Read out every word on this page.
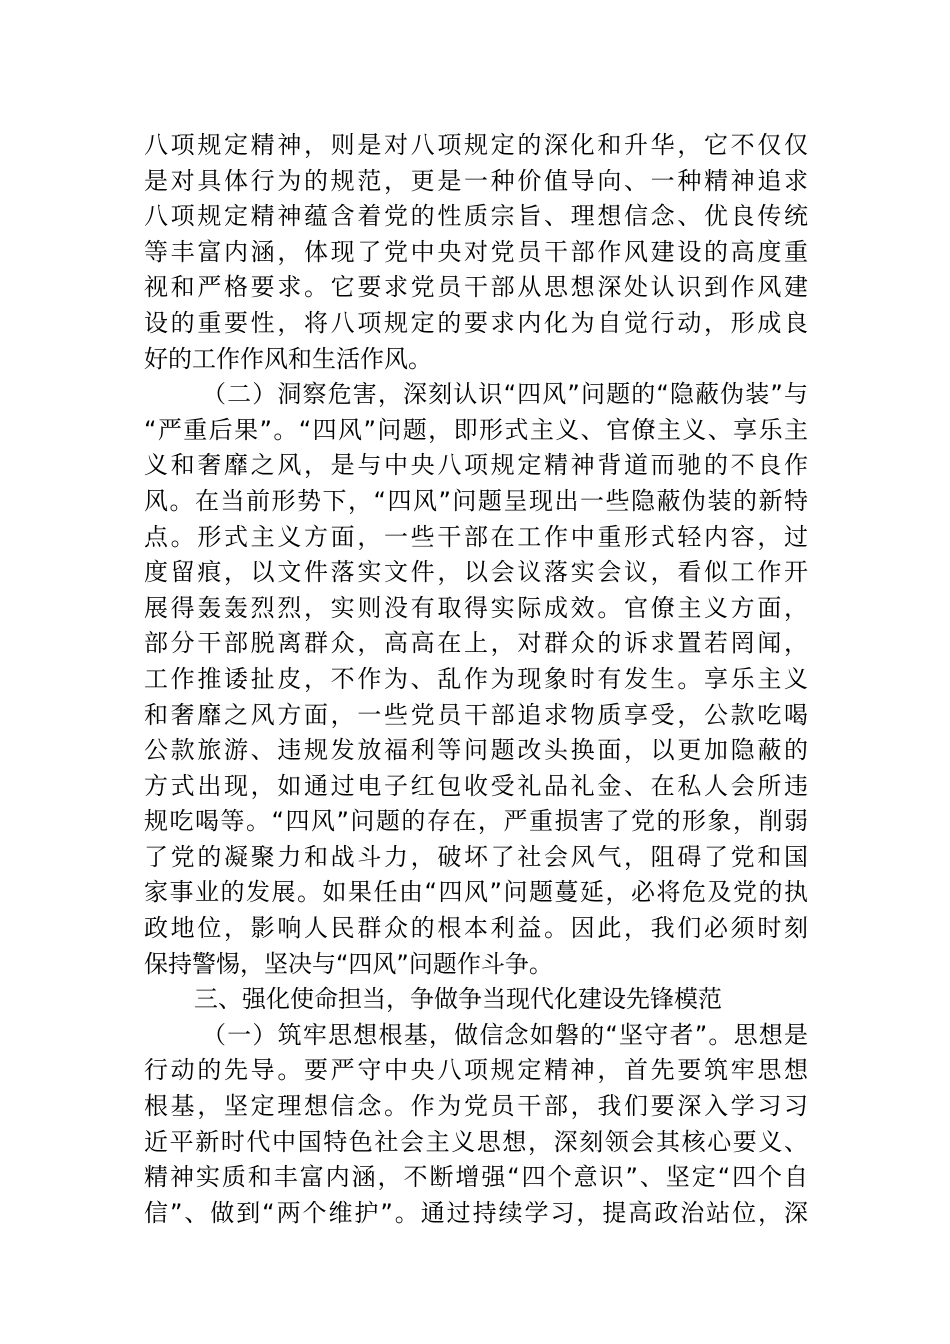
八项规定精神，则是对八项规定的深化和升华，它不仅仅
是对具体行为的规范，更是一种价值导向、一种精神追求
八项规定精神蕴含着党的性质宗旨、理想信念、优良传统
等丰富内涵，体现了党中央对党员干部作风建设的高度重
视和严格要求。它要求党员干部从思想深处认识到作风建
设的重要性，将八项规定的要求内化为自觉行动，形成良
好的工作作风和生活作风。
（二）洞察危害，深刻认识“四风”问题的“隐蔽伪装”与
“严重后果”。“四风”问题，即形式主义、官僚主义、享乐主
义和奢靡之风，是与中央八项规定精神背道而驰的不良作
风。在当前形势下，“四风”问题呈现出一些隐蔽伪装的新特
点。形式主义方面，一些干部在工作中重形式轻内容，过
度留痕，以文件落实文件，以会议落实会议，看似工作开
展得轰轰烈烈，实则没有取得实际成效。官僚主义方面，
部分干部脱离群众，高高在上，对群众的诉求置若罔闻，
工作推诿扯皮，不作为、乱作为现象时有发生。享乐主义
和奢靡之风方面，一些党员干部追求物质享受，公款吃喝
公款旅游、违规发放福利等问题改头换面，以更加隐蔽的
方式出现，如通过电子红包收受礼品礼金、在私人会所违
规吃喝等。“四风”问题的存在，严重损害了党的形象，削弱
了党的凝聚力和战斗力，破坏了社会风气，阻碍了党和国
家事业的发展。如果任由“四风”问题蔓延，必将危及党的执
政地位，影响人民群众的根本利益。因此，我们必须时刻
保持警惕，坚决与“四风”问题作斗争。
三、强化使命担当，争做争当现代化建设先锋模范
（一）筑牢思想根基，做信念如磐的“坚守者”。思想是
行动的先导。要严守中央八项规定精神，首先要筑牢思想
根基，坚定理想信念。作为党员干部，我们要深入学习习
近平新时代中国特色社会主义思想，深刻领会其核心要义、
精神实质和丰富内涵，不断增强“四个意识”、坚定“四个自
信”、做到“两个维护”。通过持续学习，提高政治站位，深
